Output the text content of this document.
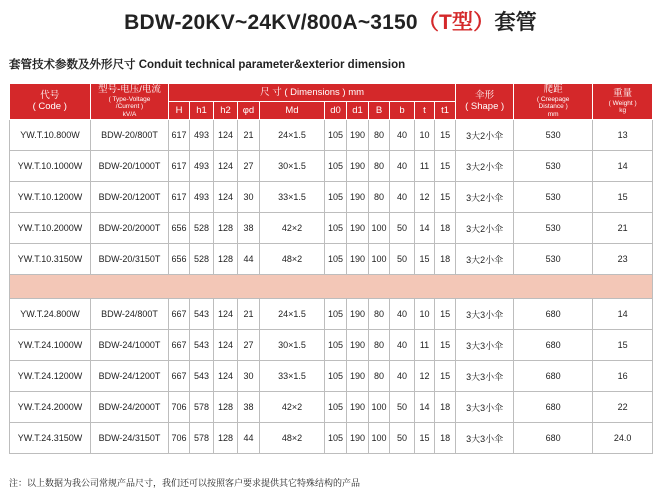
BDW-20KV~24KV/800A~3150（T型）套管
套管技术参数及外形尺寸 Conduit technical parameter&exterior dimension
代号
( Code )	型号-电压/电流
( Type-Voltage
/Current )
kV/A	尺 寸 ( Dimensions ) mm											伞形
( Shape )	爬距
( Creepage
Distance )
mm	重量
( Weight )
kg

		H	h1	h2	φd	Md	d0	d1	B	b	t	t1			
YW.T.10.800W	BDW-20/800T	617	493	124	21	24×1.5	105	190	80	40	10	15	3大2小伞	530	13
YW.T.10.1000W	BDW-20/1000T	617	493	124	27	30×1.5	105	190	80	40	11	15	3大2小伞	530	14
YW.T.10.1200W	BDW-20/1200T	617	493	124	30	33×1.5	105	190	80	40	12	15	3大2小伞	530	15
YW.T.10.2000W	BDW-20/2000T	656	528	128	38	42×2	105	190	100	50	14	18	3大2小伞	530	21
YW.T.10.3150W	BDW-20/3150T	656	528	128	44	48×2	105	190	100	50	15	18	3大2小伞	530	23

YW.T.24.800W	BDW-24/800T	667	543	124	21	24×1.5	105	190	80	40	10	15	3大3小伞	680	14
YW.T.24.1000W	BDW-24/1000T	667	543	124	27	30×1.5	105	190	80	40	11	15	3大3小伞	680	15
YW.T.24.1200W	BDW-24/1200T	667	543	124	30	33×1.5	105	190	80	40	12	15	3大3小伞	680	16
YW.T.24.2000W	BDW-24/2000T	706	578	128	38	42×2	105	190	100	50	14	18	3大3小伞	680	22
YW.T.24.3150W	BDW-24/3150T	706	578	128	44	48×2	105	190	100	50	15	18	3大3小伞	680	24.0
注：以上数据为我公司常规产品尺寸，我们还可以按照客户要求提供其它特殊结构的产品
